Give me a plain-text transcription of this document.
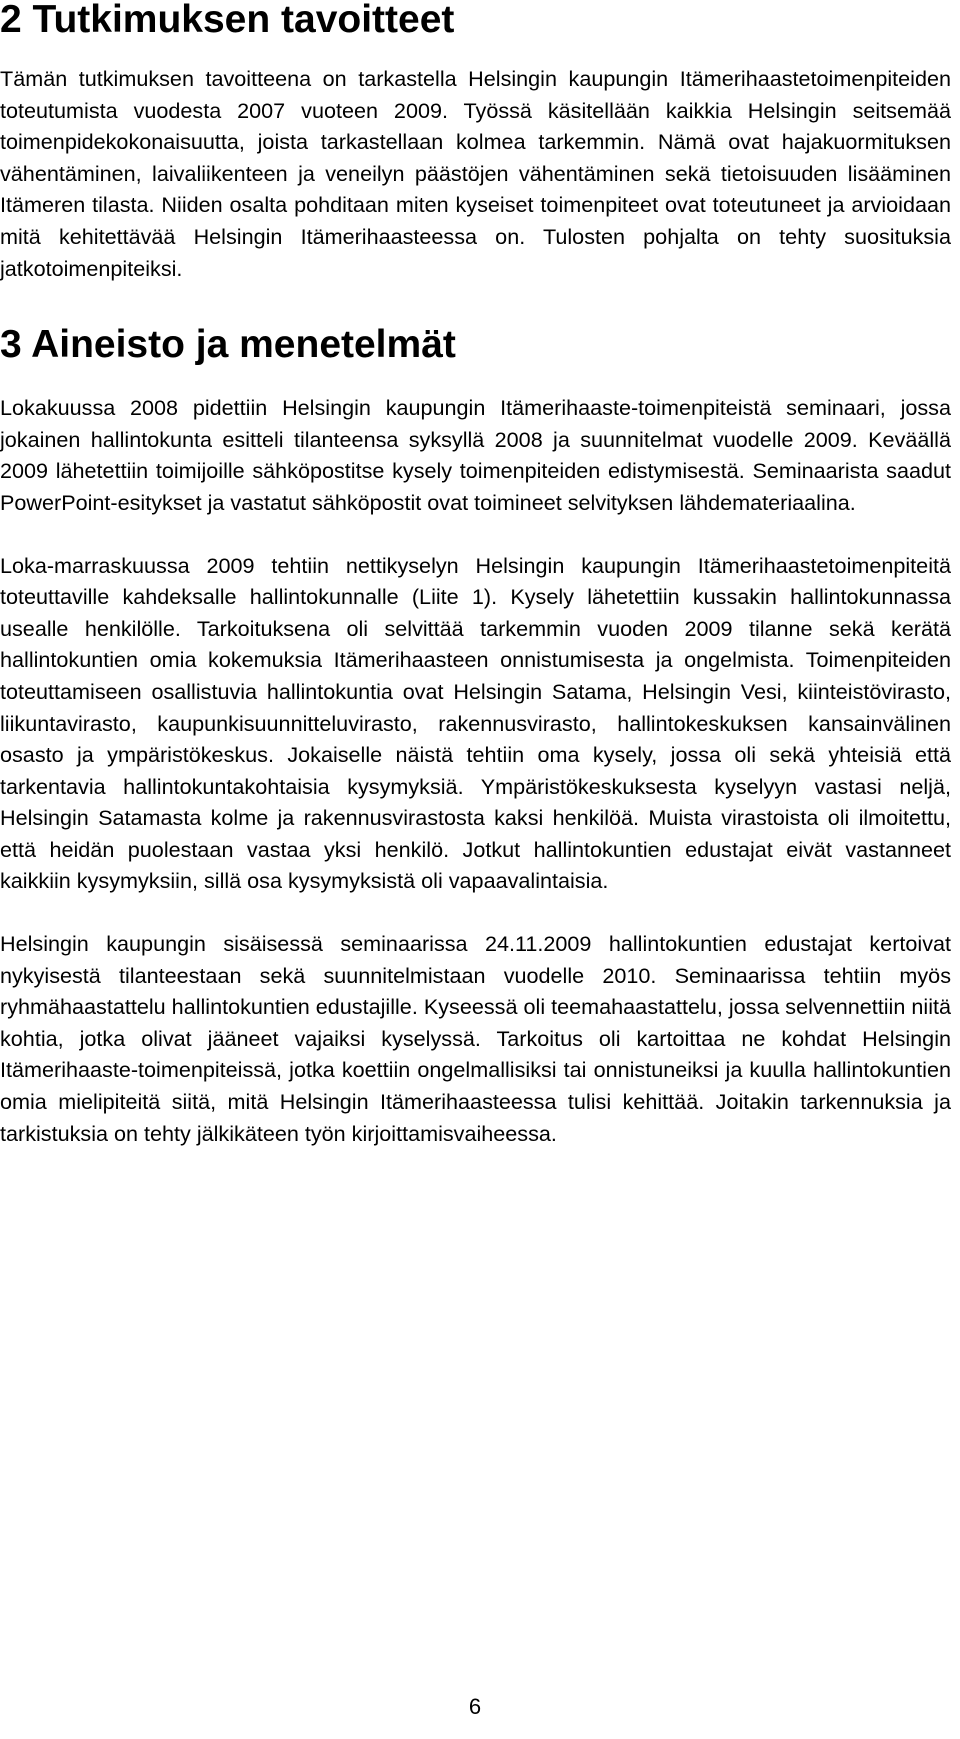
2 Tutkimuksen tavoitteet

Tämän tutkimuksen tavoitteena on tarkastella Helsingin kaupungin Itämerihaastetoimenpiteiden toteutumista vuodesta 2007 vuoteen 2009. Työssä käsitellään kaikkia Helsingin seitsemää toimenpidekokonaisuutta, joista tarkastellaan kolmea tarkemmin. Nämä ovat hajakuormituksen vähentäminen, laivaliikenteen ja veneilyn päästöjen vähentäminen sekä tietoisuuden lisääminen Itämeren tilasta. Niiden osalta pohditaan miten kyseiset toimenpiteet ovat toteutuneet ja arvioidaan mitä kehitettävää Helsingin Itämerihaasteessa on. Tulosten pohjalta on tehty suosituksia jatkotoimenpiteiksi.

3 Aineisto ja menetelmät

Lokakuussa 2008 pidettiin Helsingin kaupungin Itämerihaaste-toimenpiteistä seminaari, jossa jokainen hallintokunta esitteli tilanteensa syksyllä 2008 ja suunnitelmat vuodelle 2009. Keväällä 2009 lähetettiin toimijoille sähköpostitse kysely toimenpiteiden edistymisestä. Seminaarista saadut PowerPoint-esitykset ja vastatut sähköpostit ovat toimineet selvityksen lähdemateriaalina.

Loka-marraskuussa 2009 tehtiin nettikyselyn Helsingin kaupungin Itämerihaastetoimenpiteitä toteuttaville kahdeksalle hallintokunnalle (Liite 1). Kysely lähetettiin kussakin hallintokunnassa usealle henkilölle. Tarkoituksena oli selvittää tarkemmin vuoden 2009 tilanne sekä kerätä hallintokuntien omia kokemuksia Itämerihaasteen onnistumisesta ja ongelmista. Toimenpiteiden toteuttamiseen osallistuvia hallintokuntia ovat Helsingin Satama, Helsingin Vesi, kiinteistövirasto, liikuntavirasto, kaupunkisuunnitteluvirasto, rakennusvirasto, hallintokeskuksen kansainvälinen osasto ja ympäristökeskus. Jokaiselle näistä tehtiin oma kysely, jossa oli sekä yhteisiä että tarkentavia hallintokuntakohtaisia kysymyksiä. Ympäristökeskuksesta kyselyyn vastasi neljä, Helsingin Satamasta kolme ja rakennusvirastosta kaksi henkilöä. Muista virastoista oli ilmoitettu, että heidän puolestaan vastaa yksi henkilö. Jotkut hallintokuntien edustajat eivät vastanneet kaikkiin kysymyksiin, sillä osa kysymyksistä oli vapaavalintaisia.

Helsingin kaupungin sisäisessä seminaarissa 24.11.2009 hallintokuntien edustajat kertoivat nykyisestä tilanteestaan sekä suunnitelmistaan vuodelle 2010. Seminaarissa tehtiin myös ryhmähaastattelu hallintokuntien edustajille. Kyseessä oli teemahaastattelu, jossa selvennettiin niitä kohtia, jotka olivat jääneet vajaiksi kyselyssä. Tarkoitus oli kartoittaa ne kohdat Helsingin Itämerihaaste-toimenpiteissä, jotka koettiin ongelmallisiksi tai onnistuneiksi ja kuulla hallintokuntien omia mielipiteitä siitä, mitä Helsingin Itämerihaasteessa tulisi kehittää. Joitakin tarkennuksia ja tarkistuksia on tehty jälkikäteen työn kirjoittamisvaiheessa.

6
